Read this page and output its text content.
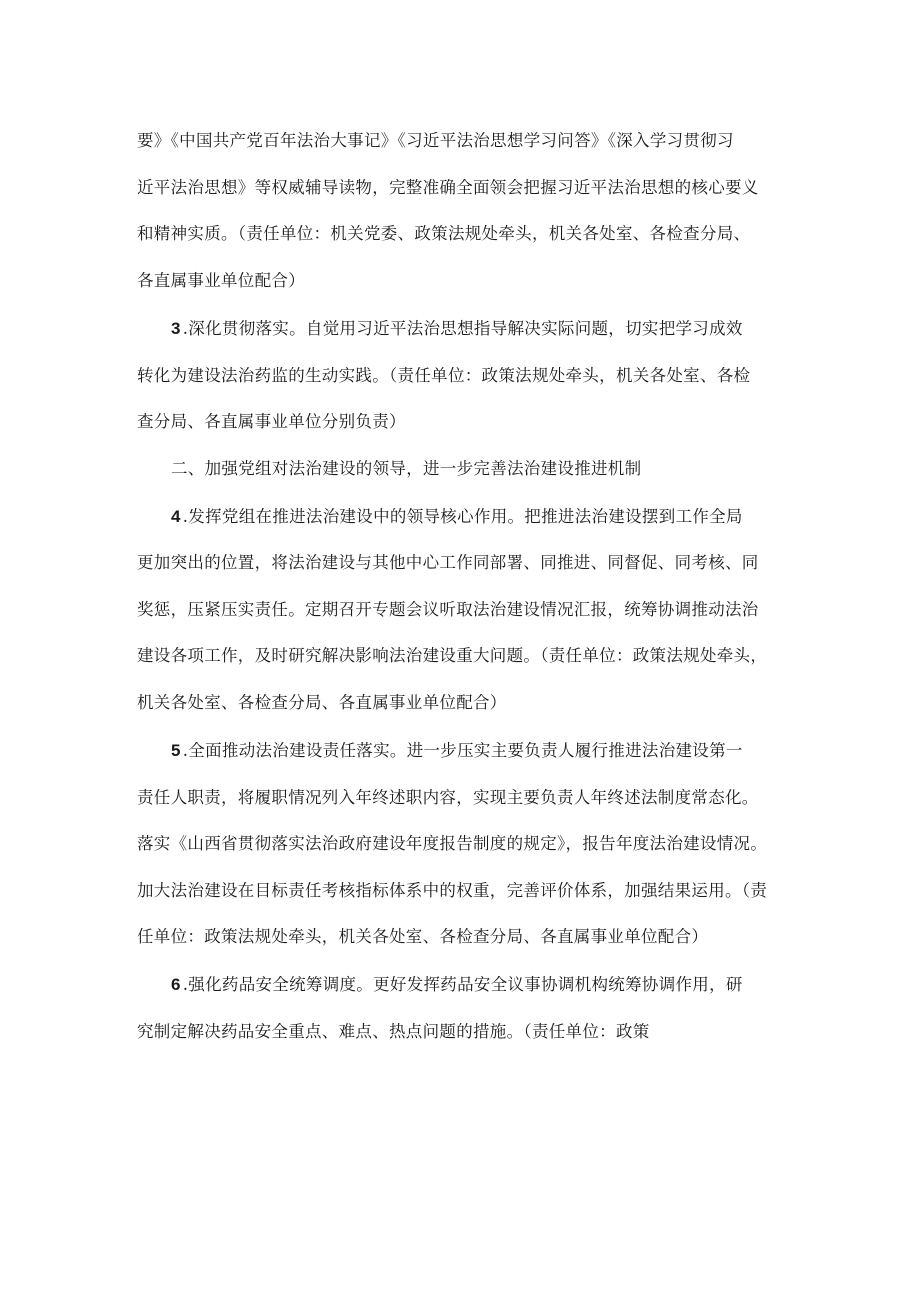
要》《中国共产党百年法治大事记》《习近平法治思想学习问答》《深入学习贯彻习
近平法治思想》等权威辅导读物，完整准确全面领会把握习近平法治思想的核心要义
和精神实质。（责任单位：机关党委、政策法规处牵头，机关各处室、各检查分局、
各直属事业单位配合）
3 .深化贯彻落实。自觉用习近平法治思想指导解决实际问题，切实把学习成效
转化为建设法治药监的生动实践。（责任单位：政策法规处牵头，机关各处室、各检
查分局、各直属事业单位分别负责）
二、加强党组对法治建设的领导，进一步完善法治建设推进机制
4 .发挥党组在推进法治建设中的领导核心作用。把推进法治建设摆到工作全局
更加突出的位置，将法治建设与其他中心工作同部署、同推进、同督促、同考核、同
奖惩，压紧压实责任。定期召开专题会议听取法治建设情况汇报，统筹协调推动法治
建设各项工作，及时研究解决影响法治建设重大问题。（责任单位：政策法规处牵头，
机关各处室、各检查分局、各直属事业单位配合）
5 .全面推动法治建设责任落实。进一步压实主要负责人履行推进法治建设第一
责任人职责，将履职情况列入年终述职内容，实现主要负责人年终述法制度常态化。
落实《山西省贯彻落实法治政府建设年度报告制度的规定》，报告年度法治建设情况。
加大法治建设在目标责任考核指标体系中的权重，完善评价体系，加强结果运用。（责
任单位：政策法规处牵头，机关各处室、各检查分局、各直属事业单位配合）
6 .强化药品安全统筹调度。更好发挥药品安全议事协调机构统筹协调作用，研
究制定解决药品安全重点、难点、热点问题的措施。（责任单位：政策
